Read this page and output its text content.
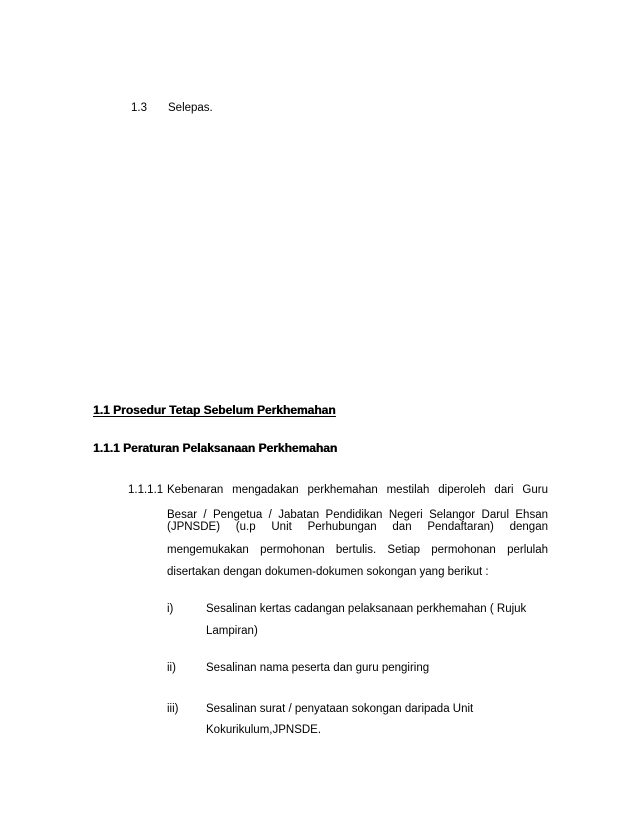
1.3 Selepas.
1.1 Prosedur Tetap Sebelum Perkhemahan
1.1.1 Peraturan Pelaksanaan Perkhemahan
1.1.1.1 Kebenaran mengadakan perkhemahan mestilah diperoleh dari Guru
Besar / Pengetua / Jabatan Pendidikan Negeri Selangor Darul Ehsan
(JPNSDE) (u.p Unit Perhubungan dan Pendaftaran) dengan
mengemukakan permohonan bertulis. Setiap permohonan perlulah
disertakan dengan dokumen-dokumen sokongan yang berikut :
i)	Sesalinan kertas cadangan pelaksanaan perkhemahan ( Rujuk
Lampiran)
ii)	Sesalinan nama peserta dan guru pengiring
iii) Sesalinan surat / penyataan sokongan daripada Unit
Kokurikulum,JPNSDE.
